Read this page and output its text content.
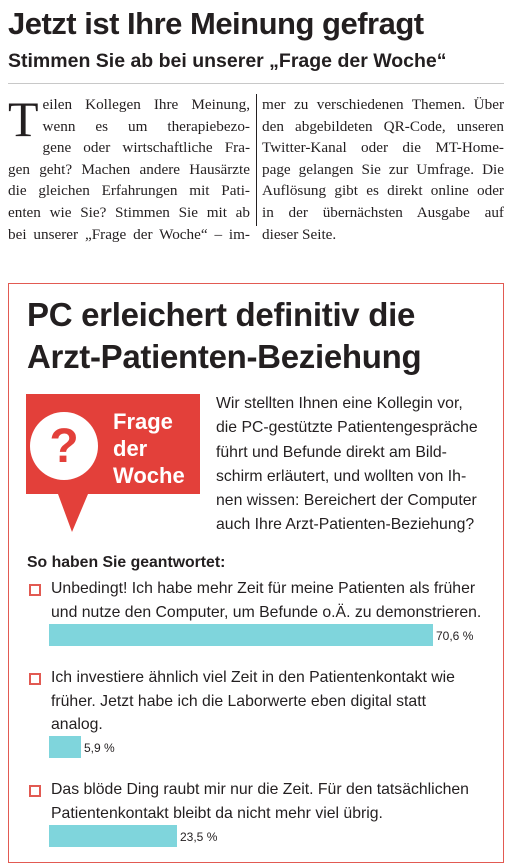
Jetzt ist Ihre Meinung gefragt
Stimmen Sie ab bei unserer „Frage der Woche“
T eilen Kollegen Ihre Meinung,
wenn es um therapiebezo-
gene oder wirtschaftliche Fra-
gen geht? Machen andere Hausärzte
die gleichen Erfahrungen mit Pati-
enten wie Sie? Stimmen Sie mit ab
bei unserer „Frage der Woche“ – im-
mer zu verschiedenen Themen. Über
den abgebildeten QR-Code, unseren
Twitter-Kanal oder die MT-Home-
page gelangen Sie zur Umfrage. Die
Auflösung gibt es direkt online oder
in der übernächsten Ausgabe auf
dieser Seite.
PC erleichert definitiv die
Arzt-Patienten-Beziehung
? Frage
der
Woche
Wir stellten Ihnen eine Kollegin vor,
die PC-gestützte Patientengespräche
führt und Befunde direkt am Bild-
schirm erläutert, und wollten von Ih-
nen wissen: Bereichert der Computer
auch Ihre Arzt-Patienten-Beziehung?
So haben Sie geantwortet:
Unbedingt! Ich habe mehr Zeit für meine Patienten als früher
und nutze den Computer, um Befunde o.Ä. zu demonstrieren.
70,6 %
Ich investiere ähnlich viel Zeit in den Patientenkontakt wie
früher. Jetzt habe ich die Laborwerte eben digital statt
analog.
5,9 %
Das blöde Ding raubt mir nur die Zeit. Für den tatsächlichen
Patientenkontakt bleibt da nicht mehr viel übrig.
23,5 %
